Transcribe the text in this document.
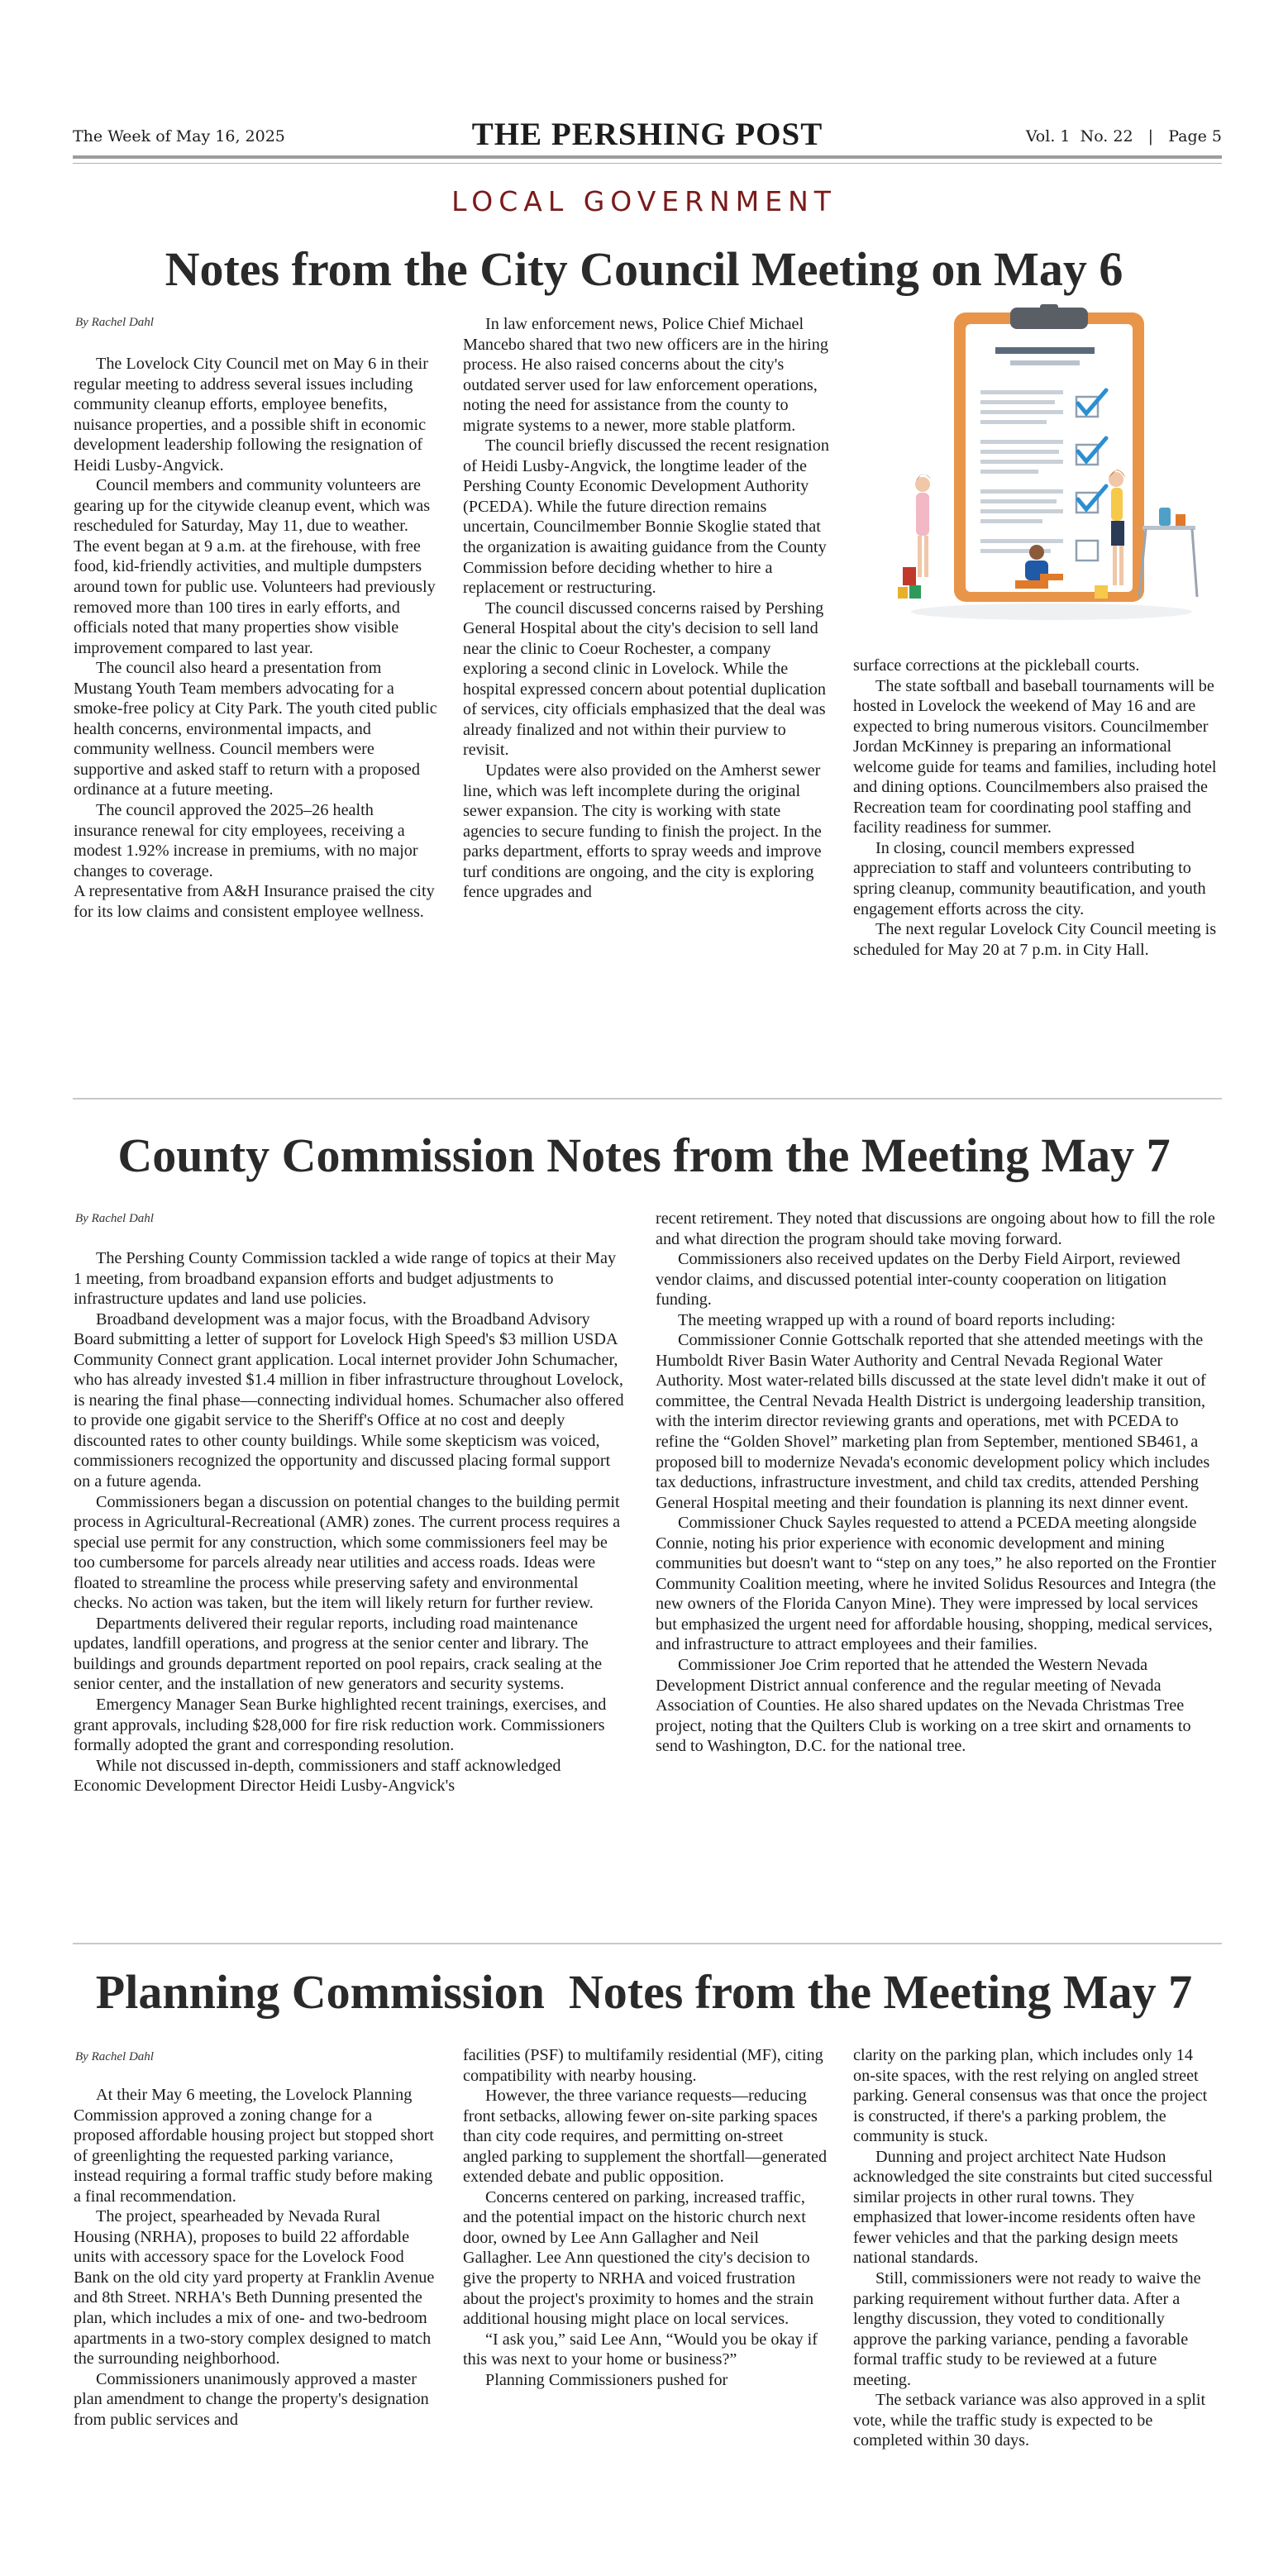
The Week of May 16, 2025	THE PERSHING POST	Vol. 1  No. 22   |   Page 5
LOCAL GOVERNMENT
Notes from the City Council Meeting on May 6
By Rachel Dahl

The Lovelock City Council met on May 6 in their regular meeting to address several issues including community cleanup efforts, employee benefits, nuisance properties, and a possible shift in economic development leadership following the resignation of Heidi Lusby-Angvick.

Council members and community volunteers are gearing up for the citywide cleanup event, which was rescheduled for Saturday, May 11, due to weather. The event began at 9 a.m. at the firehouse, with free food, kid-friendly activities, and multiple dumpsters around town for public use. Volunteers had previously removed more than 100 tires in early efforts, and officials noted that many properties show visible improvement compared to last year.

The council also heard a presentation from Mustang Youth Team members advocating for a smoke-free policy at City Park. The youth cited public health concerns, environmental impacts, and community wellness. Council members were supportive and asked staff to return with a proposed ordinance at a future meeting.

The council approved the 2025–26 health insurance renewal for city employees, receiving a modest 1.92% increase in premiums, with no major changes to coverage.

A representative from A&H Insurance praised the city for its low claims and consistent employee wellness.

In law enforcement news, Police Chief Michael Mancebo shared that two new officers are in the hiring process. He also raised concerns about the city's outdated server used for law enforcement operations, noting the need for assistance from the county to migrate systems to a newer, more stable platform.

The council briefly discussed the recent resignation of Heidi Lusby-Angvick, the longtime leader of the Pershing County Economic Development Authority (PCEDA). While the future direction remains uncertain, Councilmember Bonnie Skoglie stated that the organization is awaiting guidance from the County Commission before deciding whether to hire a replacement or restructuring.

The council discussed concerns raised by Pershing General Hospital about the city's decision to sell land near the clinic to Coeur Rochester, a company exploring a second clinic in Lovelock. While the hospital expressed concern about potential duplication of services, city officials emphasized that the deal was already finalized and not within their purview to revisit.

Updates were also provided on the Amherst sewer line, which was left incomplete during the original sewer expansion. The city is working with state agencies to secure funding to finish the project. In the parks department, efforts to spray weeds and improve turf conditions are ongoing, and the city is exploring fence upgrades and

surface corrections at the pickleball courts.

The state softball and baseball tournaments will be hosted in Lovelock the weekend of May 16 and are expected to bring numerous visitors. Councilmember Jordan McKinney is preparing an informational welcome guide for teams and families, including hotel and dining options. Councilmembers also praised the Recreation team for coordinating pool staffing and facility readiness for summer.

In closing, council members expressed appreciation to staff and volunteers contributing to spring cleanup, community beautification, and youth engagement efforts across the city.

The next regular Lovelock City Council meeting is scheduled for May 20 at 7 p.m. in City Hall.

County Commission Notes from the Meeting May 7
By Rachel Dahl

The Pershing County Commission tackled a wide range of topics at their May 1 meeting, from broadband expansion efforts and budget adjustments to infrastructure updates and land use policies.

Broadband development was a major focus, with the Broadband Advisory Board submitting a letter of support for Lovelock High Speed's $3 million USDA Community Connect grant application. Local internet provider John Schumacher, who has already invested $1.4 million in fiber infrastructure throughout Lovelock, is nearing the final phase—connecting individual homes. Schumacher also offered to provide one gigabit service to the Sheriff's Office at no cost and deeply discounted rates to other county buildings. While some skepticism was voiced, commissioners recognized the opportunity and discussed placing formal support on a future agenda.

Commissioners began a discussion on potential changes to the building permit process in Agricultural-Recreational (AMR) zones. The current process requires a special use permit for any construction, which some commissioners feel may be too cumbersome for parcels already near utilities and access roads. Ideas were floated to streamline the process while preserving safety and environmental checks. No action was taken, but the item will likely return for further review.

Departments delivered their regular reports, including road maintenance updates, landfill operations, and progress at the senior center and library. The buildings and grounds department reported on pool repairs, crack sealing at the senior center, and the installation of new generators and security systems.

Emergency Manager Sean Burke highlighted recent trainings, exercises, and grant approvals, including $28,000 for fire risk reduction work. Commissioners formally adopted the grant and corresponding resolution.

While not discussed in-depth, commissioners and staff acknowledged Economic Development Director Heidi Lusby-Angvick's

recent retirement. They noted that discussions are ongoing about how to fill the role and what direction the program should take moving forward.

Commissioners also received updates on the Derby Field Airport, reviewed vendor claims, and discussed potential inter-county cooperation on litigation funding.

The meeting wrapped up with a round of board reports including:

Commissioner Connie Gottschalk reported that she attended meetings with the Humboldt River Basin Water Authority and Central Nevada Regional Water Authority. Most water-related bills discussed at the state level didn't make it out of committee, the Central Nevada Health District is undergoing leadership transition, with the interim director reviewing grants and operations, met with PCEDA to refine the “Golden Shovel” marketing plan from September, mentioned SB461, a proposed bill to modernize Nevada's economic development policy which includes tax deductions, infrastructure investment, and child tax credits, attended Pershing General Hospital meeting and their foundation is planning its next dinner event.

Commissioner Chuck Sayles requested to attend a PCEDA meeting alongside Connie, noting his prior experience with economic development and mining communities but doesn't want to “step on any toes,” he also reported on the Frontier Community Coalition meeting, where he invited Solidus Resources and Integra (the new owners of the Florida Canyon Mine). They were impressed by local services but emphasized the urgent need for affordable housing, shopping, medical services, and infrastructure to attract employees and their families.

Commissioner Joe Crim reported that he attended the Western Nevada Development District annual conference and the regular meeting of Nevada Association of Counties. He also shared updates on the Nevada Christmas Tree project, noting that the Quilters Club is working on a tree skirt and ornaments to send to Washington, D.C. for the national tree.

Planning Commission  Notes from the Meeting May 7
By Rachel Dahl

At their May 6 meeting, the Lovelock Planning Commission approved a zoning change for a proposed affordable housing project but stopped short of greenlighting the requested parking variance, instead requiring a formal traffic study before making a final recommendation.

The project, spearheaded by Nevada Rural Housing (NRHA), proposes to build 22 affordable units with accessory space for the Lovelock Food Bank on the old city yard property at Franklin Avenue and 8th Street. NRHA's Beth Dunning presented the plan, which includes a mix of one- and two-bedroom apartments in a two-story complex designed to match the surrounding neighborhood.

Commissioners unanimously approved a master plan amendment to change the property's designation from public services and

facilities (PSF) to multifamily residential (MF), citing compatibility with nearby housing.

However, the three variance requests—reducing front setbacks, allowing fewer on-site parking spaces than city code requires, and permitting on-street angled parking to supplement the shortfall—generated extended debate and public opposition.

Concerns centered on parking, increased traffic, and the potential impact on the historic church next door, owned by Lee Ann Gallagher and Neil Gallagher. Lee Ann questioned the city's decision to give the property to NRHA and voiced frustration about the project's proximity to homes and the strain additional housing might place on local services.

“I ask you,” said Lee Ann, “Would you be okay if this was next to your home or business?”

Planning Commissioners pushed for

clarity on the parking plan, which includes only 14 on-site spaces, with the rest relying on angled street parking. General consensus was that once the project is constructed, if there's a parking problem, the community is stuck.

Dunning and project architect Nate Hudson acknowledged the site constraints but cited successful similar projects in other rural towns. They emphasized that lower-income residents often have fewer vehicles and that the parking design meets national standards.

Still, commissioners were not ready to waive the parking requirement without further data. After a lengthy discussion, they voted to conditionally approve the parking variance, pending a favorable formal traffic study to be reviewed at a future meeting.

The setback variance was also approved in a split vote, while the traffic study is expected to be completed within 30 days.
